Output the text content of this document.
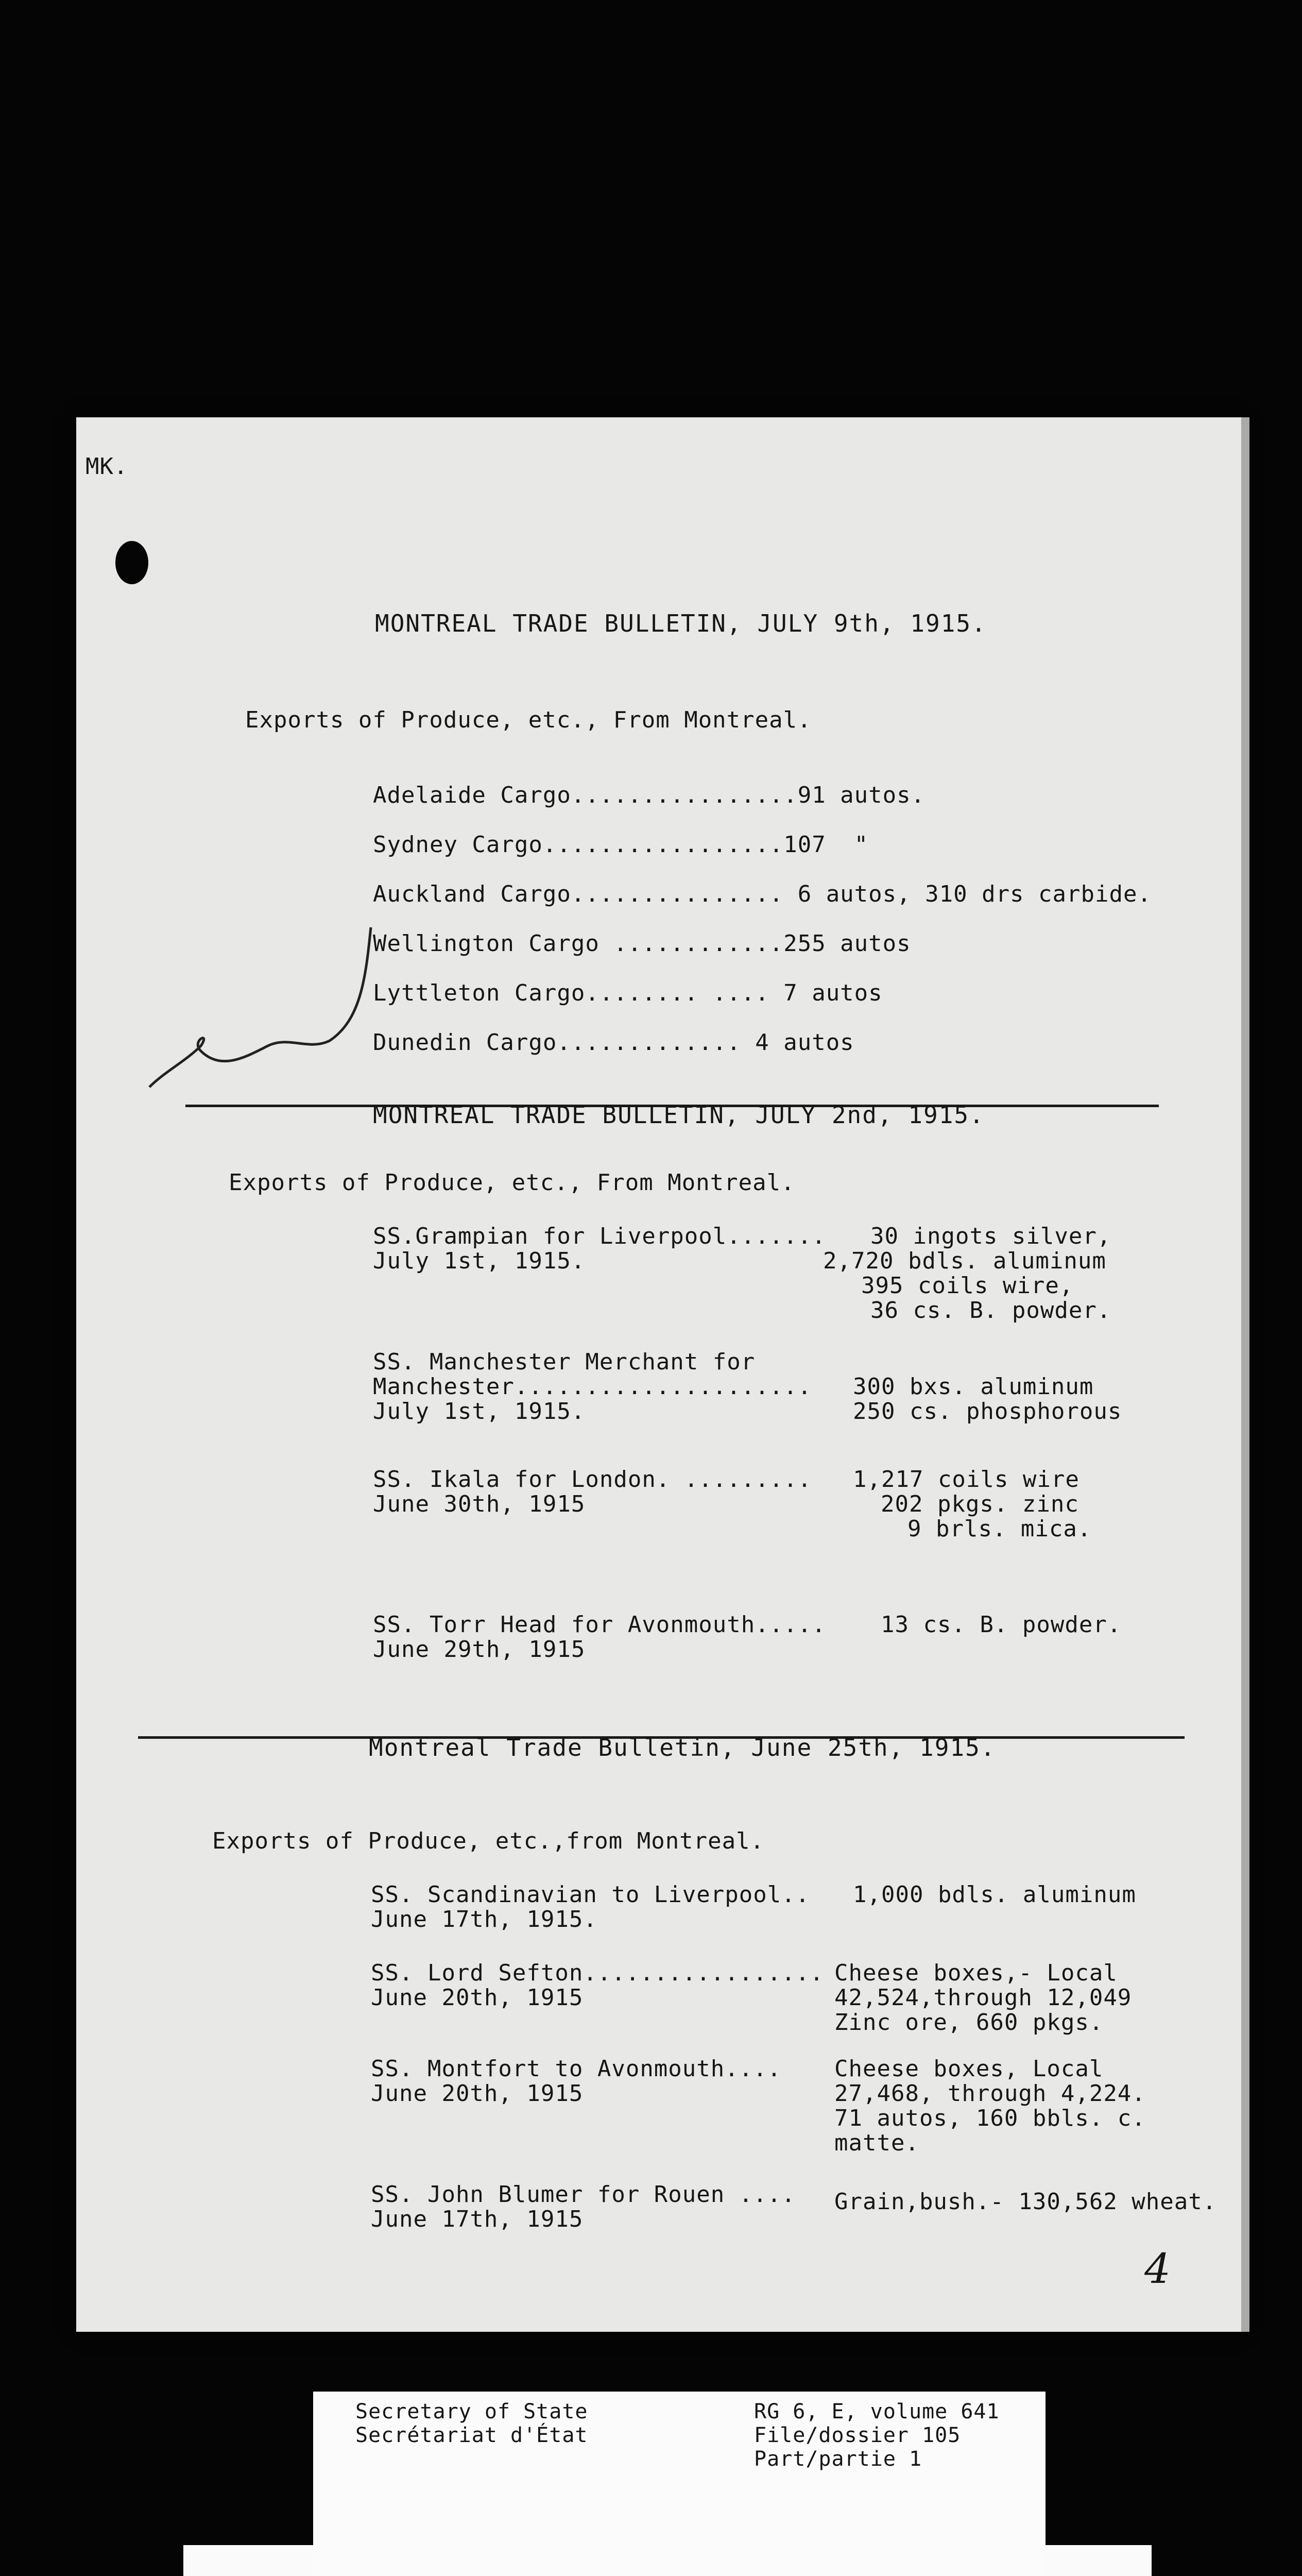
MK.
MONTREAL TRADE BULLETIN, JULY 9th, 1915.
Exports of Produce, etc., From Montreal.
Adelaide Cargo................91 autos.
Sydney Cargo.................107  "
Auckland Cargo............... 6 autos, 310 drs carbide.
Wellington Cargo ............255 autos
Lyttleton Cargo........ .... 7 autos
Dunedin Cargo............. 4 autos
MONTREAL TRADE BULLETIN, JULY 2nd, 1915.
Exports of Produce, etc., From Montreal.
SS.Grampian for Liverpool.......
July 1st, 1915.
30 ingots silver,
2,720 bdls. aluminum
395 coils wire,
36 cs. B. powder.
SS. Manchester Merchant for
Manchester.....................
July 1st, 1915.
300 bxs. aluminum
250 cs. phosphorous
SS. Ikala for London. .........
June 30th, 1915
1,217 coils wire
202 pkgs. zinc
9 brls. mica.
SS. Torr Head for Avonmouth.....
June 29th, 1915
13 cs. B. powder.
Montreal Trade Bulletin, June 25th, 1915.
Exports of Produce, etc.,from Montreal.
SS. Scandinavian to Liverpool..
June 17th, 1915.
1,000 bdls. aluminum
SS. Lord Sefton.................
June 20th, 1915
Cheese boxes,- Local
42,524,through 12,049
Zinc ore, 660 pkgs.
SS. Montfort to Avonmouth....
June 20th, 1915
Cheese boxes, Local
27,468, through 4,224.
71 autos, 160 bbls. c.
matte.
SS. John Blumer for Rouen ....
June 17th, 1915
Grain,bush.- 130,562 wheat.
4
Secretary of State
Secrétariat d'État
RG 6, E, volume 641
File/dossier 105
Part/partie 1
